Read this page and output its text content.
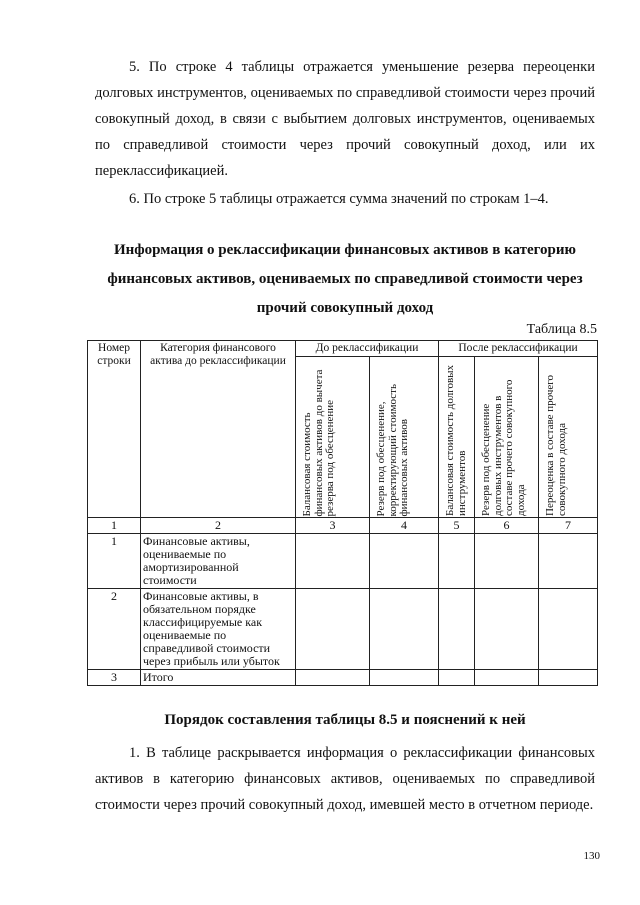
5. По строке 4 таблицы отражается уменьшение резерва переоценки долговых инструментов, оцениваемых по справедливой стоимости через прочий совокупный доход, в связи с выбытием долговых инструментов, оцениваемых по справедливой стоимости через прочий совокупный доход, или их переклассификацией.

6. По строке 5 таблицы отражается сумма значений по строкам 1–4.

Информация о реклассификации финансовых активов в категорию финансовых активов, оцениваемых по справедливой стоимости через прочий совокупный доход

Таблица 8.5
Номер строки	Категория финансового актива до реклассификации	До реклассификации		После реклассификации		

		Балансовая стоимость финансовых активов до вычета резерва под обесценение	Резерв под обесценение, корректирующий стоимость финансовых активов	Балансовая стоимость долговых инструментов	Резерв под обесценение долговых инструментов в составе прочего совокупного дохода	Переоценка в составе прочего совокупного дохода

1	2	3	4	5	6	7
1	Финансовые активы, оцениваемые по амортизированной стоимости					
2	Финансовые активы, в обязательном порядке классифицируемые как оцениваемые по справедливой стоимости через прибыль или убыток					
3	Итого					

Порядок составления таблицы 8.5 и пояснений к ней

1. В таблице раскрывается информация о реклассификации финансовых активов в категорию финансовых активов, оцениваемых по справедливой стоимости через прочий совокупный доход, имевшей место в отчетном периоде.

130
